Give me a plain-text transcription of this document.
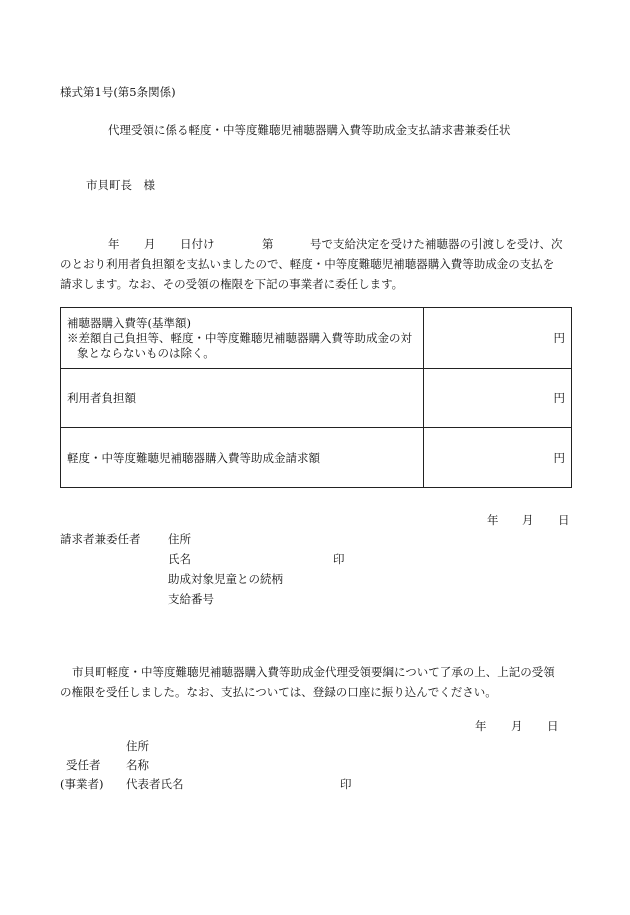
様式第1号(第5条関係)
代理受領に係る軽度・中等度難聴児補聴器購入費等助成金支払請求書兼委任状
市貝町長　様
年 月 日付け	第	号で支給決定を受けた補聴器の引渡しを受け、次
のとおり利用者負担額を支払いましたので、軽度・中等度難聴児補聴器購入費等助成金の支払を
請求します。なお、その受領の権限を下記の事業者に委任します。
補聴器購入費等(基準額)
※差額自己負担等、軽度・中等度難聴児補聴器購入費等助成金の対
象とならないものは除く。	円
利用者負担額	円
軽度・中等度難聴児補聴器購入費等助成金請求額	円
年 月 日
請求者兼委任者 住所
氏名	印
助成対象児童との続柄
支給番号
市貝町軽度・中等度難聴児補聴器購入費等助成金代理受領要綱について了承の上、上記の受領
の権限を受任しました。なお、支払については、登録の口座に振り込んでください。
年 月 日
住所
受任者 名称
(事業者) 代表者氏名	印
